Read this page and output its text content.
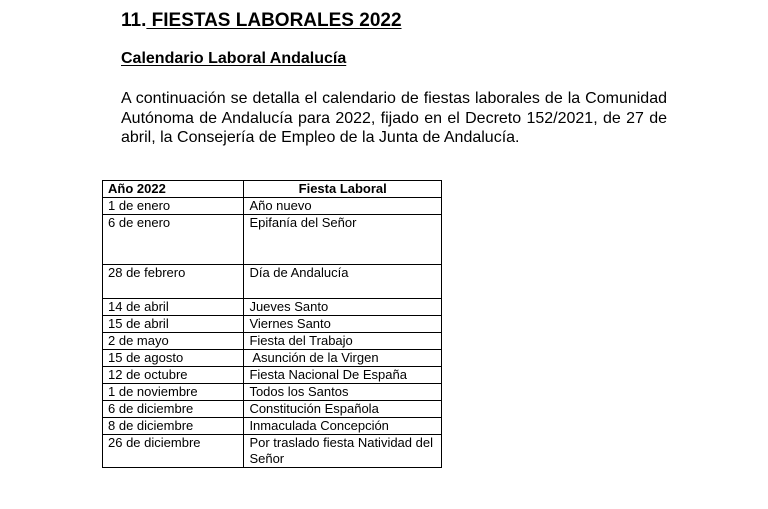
11. FIESTAS LABORALES 2022
Calendario Laboral Andalucía
A continuación se detalla el calendario de fiestas laborales de la Comunidad Autónoma de Andalucía para 2022, fijado en el Decreto 152/2021, de 27 de abril, la Consejería de Empleo de la Junta de Andalucía.
Año 2022	Fiesta Laboral
1 de enero	Año nuevo
6 de enero	Epifanía del Señor
28 de febrero	Día de Andalucía
14 de abril	Jueves Santo
15 de abril	Viernes Santo
2 de mayo	Fiesta del Trabajo
15 de agosto	Asunción de la Virgen
12 de octubre	Fiesta Nacional De España
1 de noviembre	Todos los Santos
6 de diciembre	Constitución Española
8 de diciembre	Inmaculada Concepción
26 de diciembre	Por traslado fiesta Natividad del Señor
